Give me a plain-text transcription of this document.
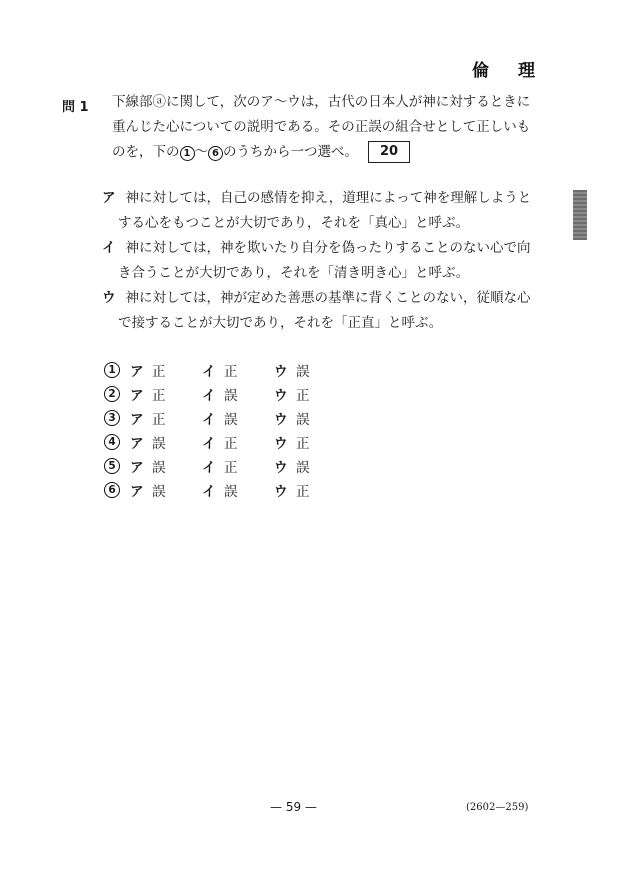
倫　理
問 1 下線部ⓐに関して，次のア～ウは，古代の日本人が神に対するときに重んじた心についての説明である。その正誤の組合せとして正しいものを，下の 1 ～ 6 のうちから一つ選べ。 20
ア 神に対しては，自己の感情を抑え，道理によって神を理解しようとする心をもつことが大切であり，それを「真心」と呼ぶ。
イ 神に対しては，神を欺いたり自分を偽ったりすることのない心で向き合うことが大切であり，それを「清き明き心」と呼ぶ。
ウ 神に対しては，神が定めた善悪の基準に背くことのない，従順な心で接することが大切であり，それを「正直」と呼ぶ。
1	ア 正	イ 正	ウ 誤
2	ア 正	イ 誤	ウ 正
3	ア 正	イ 誤	ウ 誤
4	ア 誤	イ 正	ウ 正
5	ア 誤	イ 正	ウ 誤
6	ア 誤	イ 誤	ウ 正
— 59 —	(2602—259)
